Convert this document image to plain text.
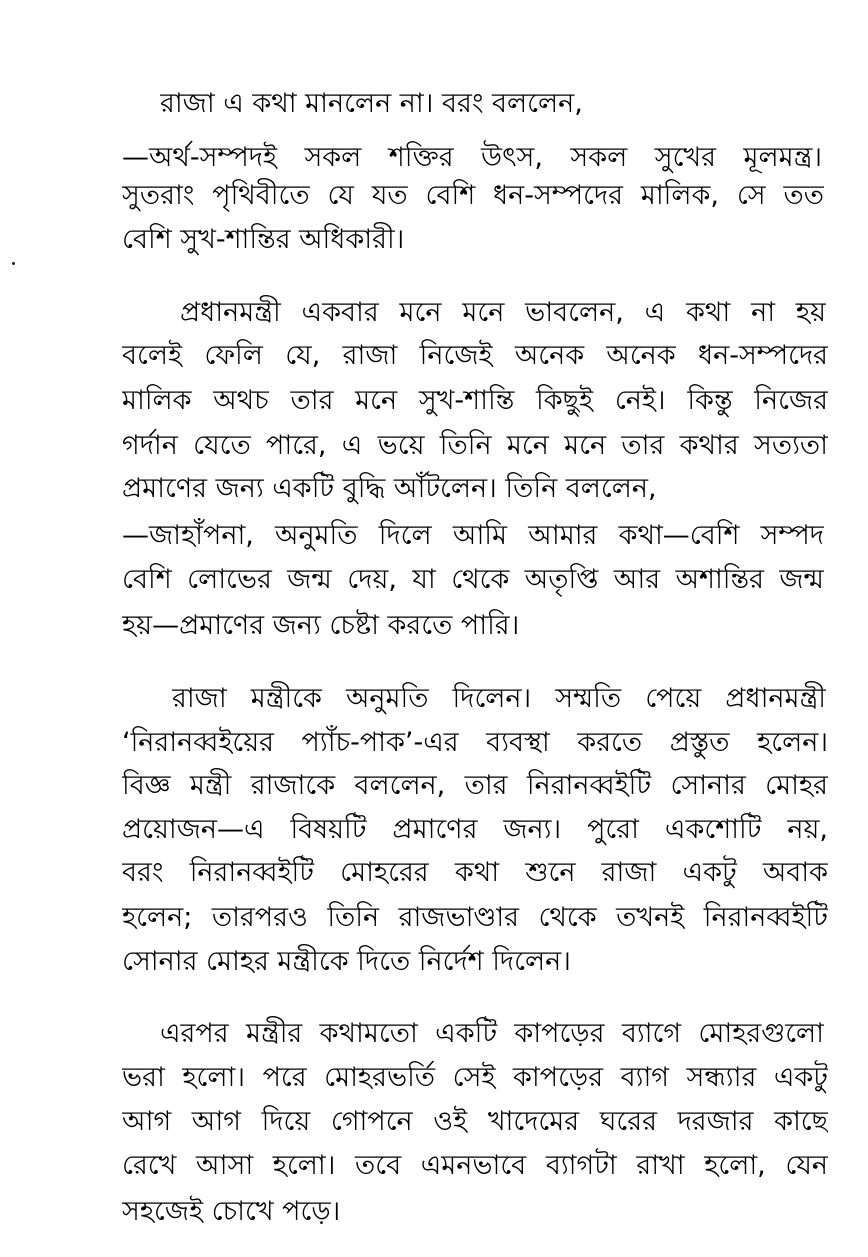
রাজা এ কথা মানলেন না। বরং বললেন,
—অর্থ-সম্পদই সকল শক্তির উৎস, সকল সুখের মূলমন্ত্র।
সুতরাং পৃথিবীতে যে যত বেশি ধন-সম্পদের মালিক, সে তত
বেশি সুখ-শান্তির অধিকারী।
প্রধানমন্ত্রী একবার মনে মনে ভাবলেন, এ কথা না হয়
বলেই ফেলি যে, রাজা নিজেই অনেক অনেক ধন-সম্পদের
মালিক অথচ তার মনে সুখ-শান্তি কিছুই নেই। কিন্তু নিজের
গর্দান যেতে পারে, এ ভয়ে তিনি মনে মনে তার কথার সত্যতা
প্রমাণের জন্য একটি বুদ্ধি আঁটলেন। তিনি বললেন,
—জাহাঁপনা, অনুমতি দিলে আমি আমার কথা—বেশি সম্পদ
বেশি লোভের জন্ম দেয়, যা থেকে অতৃপ্তি আর অশান্তির জন্ম
হয়—প্রমাণের জন্য চেষ্টা করতে পারি।
রাজা মন্ত্রীকে অনুমতি দিলেন। সম্মতি পেয়ে প্রধানমন্ত্রী
‘নিরানব্বইয়ের প্যাঁচ-পাক’-এর ব্যবস্থা করতে প্রস্তুত হলেন।
বিজ্ঞ মন্ত্রী রাজাকে বললেন, তার নিরানব্বইটি সোনার মোহর
প্রয়োজন—এ বিষয়টি প্রমাণের জন্য। পুরো একশোটি নয়,
বরং নিরানব্বইটি মোহরের কথা শুনে রাজা একটু অবাক
হলেন; তারপরও তিনি রাজভাণ্ডার থেকে তখনই নিরানব্বইটি
সোনার মোহর মন্ত্রীকে দিতে নির্দেশ দিলেন।
এরপর মন্ত্রীর কথামতো একটি কাপড়ের ব্যাগে মোহরগুলো
ভরা হলো। পরে মোহরভর্তি সেই কাপড়ের ব্যাগ সন্ধ্যার একটু
আগ আগ দিয়ে গোপনে ওই খাদেমের ঘরের দরজার কাছে
রেখে আসা হলো। তবে এমনভাবে ব্যাগটা রাখা হলো, যেন
সহজেই চোখে পড়ে।
